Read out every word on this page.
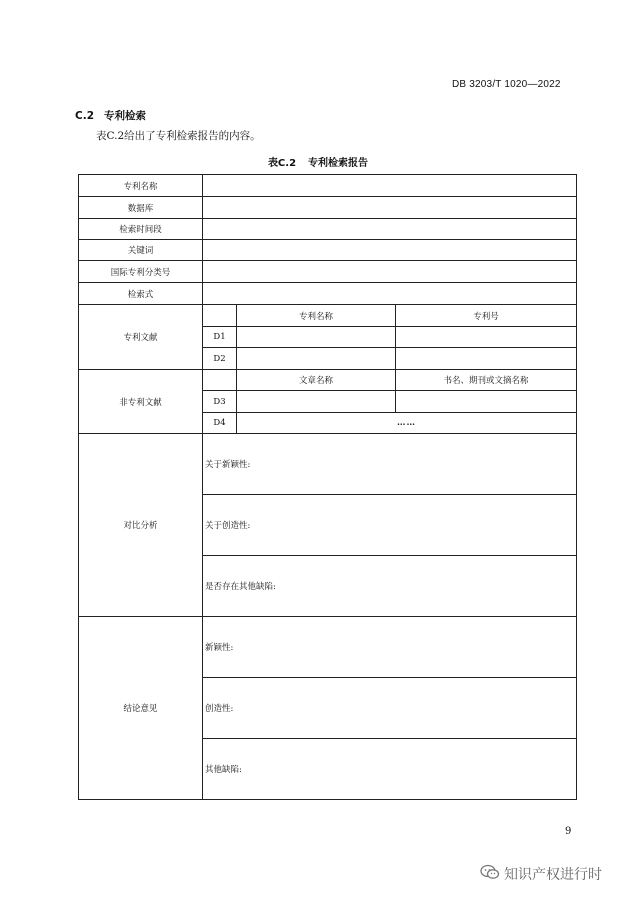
DB 3203/T 1020—2022
C.2 专利检索
表C.2给出了专利检索报告的内容。
表C.2 专利检索报告
专利名称			
数据库			
检索时间段			
关键词			
国际专利分类号			
检索式			
专利文献		专利名称	专利号
	D1		
	D2		
非专利文献		文章名称	书名、期刊或文摘名称
	D3		
	D4	……	
对比分析	关于新颖性:		
	关于创造性:		
	是否存在其他缺陷:		
结论意见	新颖性:		
	创造性:		
	其他缺陷:		
9
知识产权进行时
